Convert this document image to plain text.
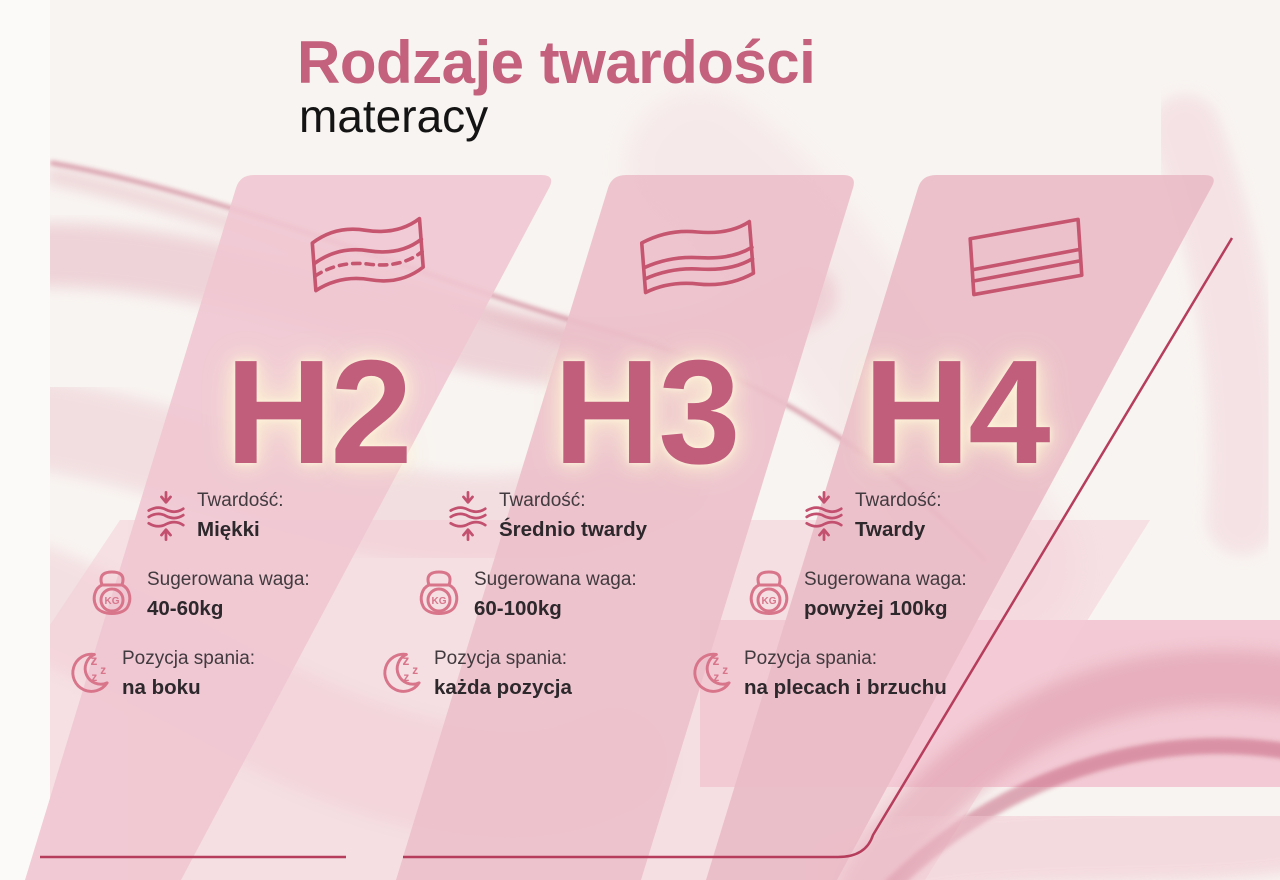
Rodzaje twardości
materacy
H2 H3 H4
Twardość:
Miękki
Sugerowana waga:
40-60kg
Pozycja spania:
na boku
Twardość:
Średnio twardy
Sugerowana waga:
60-100kg
Pozycja spania:
każda pozycja
Twardość:
Twardy
Sugerowana waga:
powyżej 100kg
Pozycja spania:
na plecach i brzuchu
